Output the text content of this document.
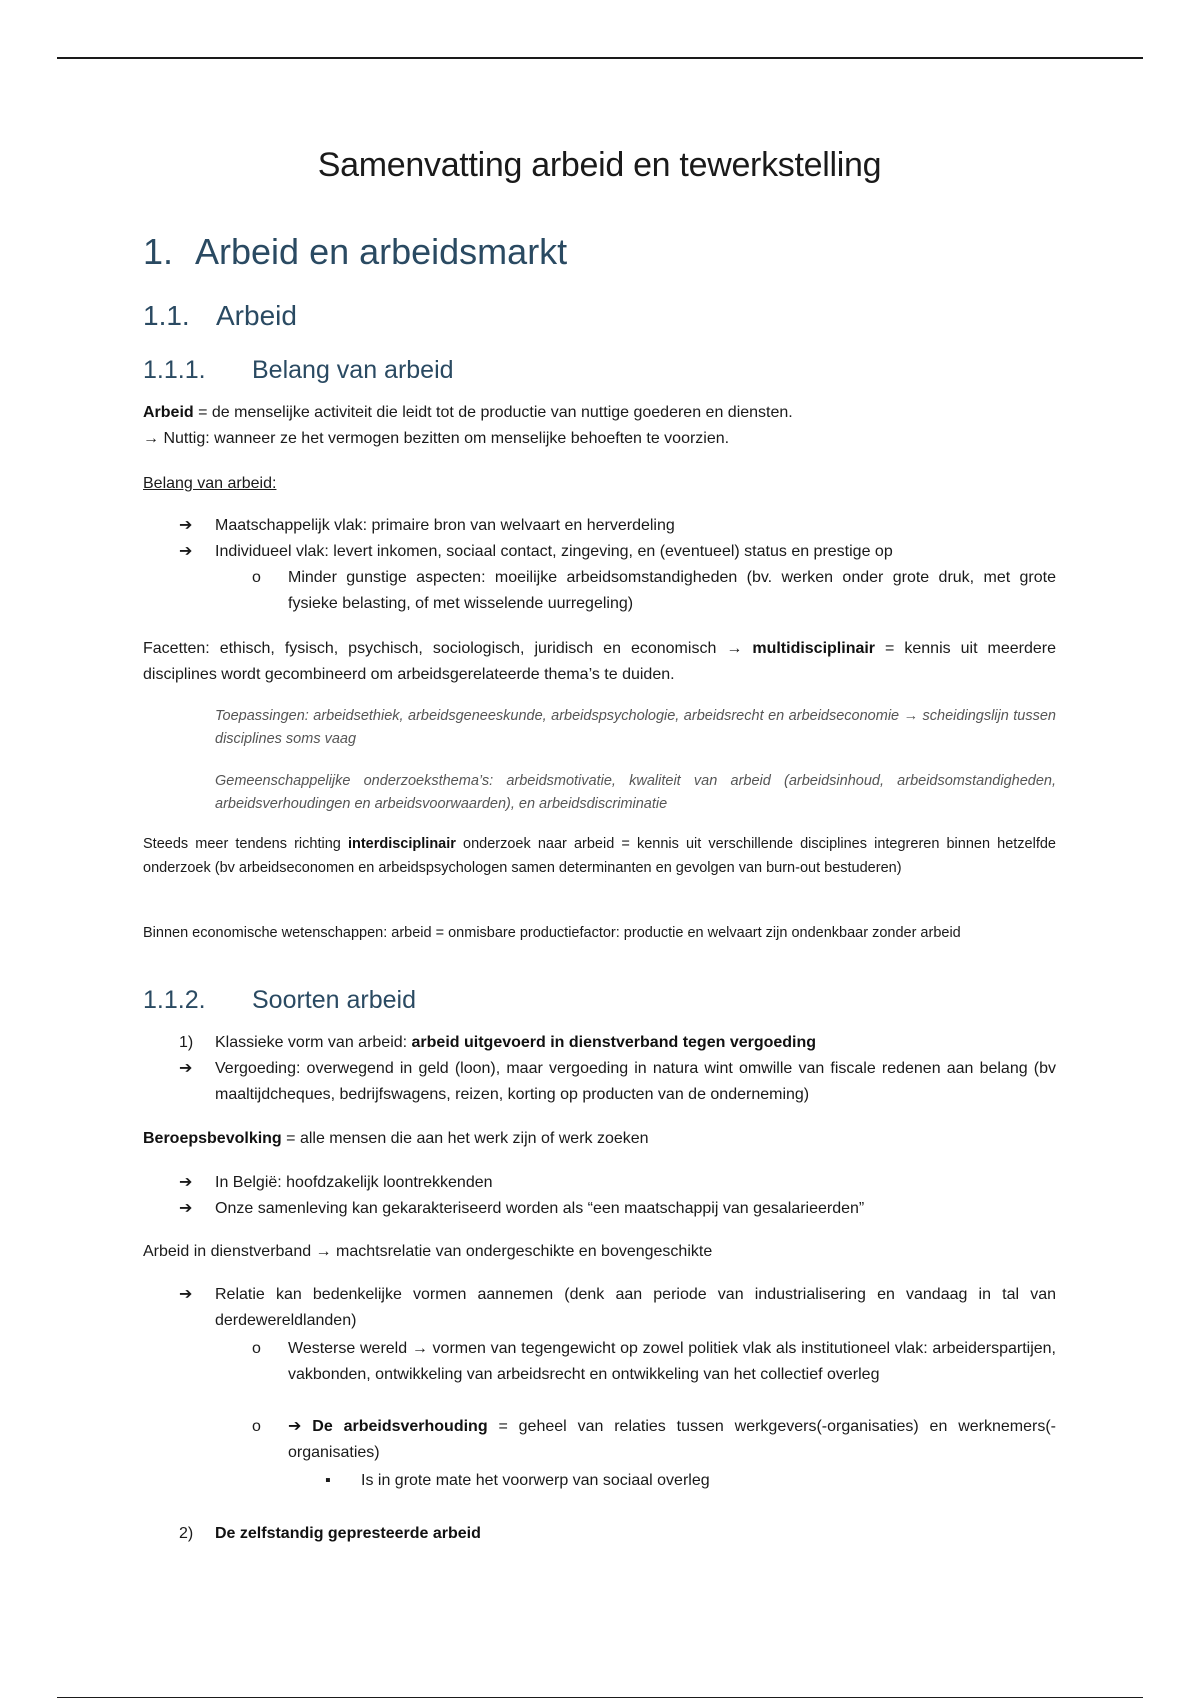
Samenvatting arbeid en tewerkstelling
1. Arbeid en arbeidsmarkt
1.1. Arbeid
1.1.1. Belang van arbeid

Arbeid = de menselijke activiteit die leidt tot de productie van nuttige goederen en diensten.
→ Nuttig: wanneer ze het vermogen bezitten om menselijke behoeften te voorzien.

Belang van arbeid:

➔	Maatschappelijk vlak: primaire bron van welvaart en herverdeling
➔	Individueel vlak: levert inkomen, sociaal contact, zingeving, en (eventueel) status en prestige op
o	Minder gunstige aspecten: moeilijke arbeidsomstandigheden (bv. werken onder grote druk, met grote fysieke belasting, of met wisselende uurregeling)

Facetten: ethisch, fysisch, psychisch, sociologisch, juridisch en economisch → multidisciplinair = kennis uit meerdere disciplines wordt gecombineerd om arbeidsgerelateerde thema’s te duiden.

Toepassingen: arbeidsethiek, arbeidsgeneeskunde, arbeidspsychologie, arbeidsrecht en arbeidseconomie → scheidingslijn tussen disciplines soms vaag

Gemeenschappelijke onderzoeksthema’s: arbeidsmotivatie, kwaliteit van arbeid (arbeidsinhoud, arbeidsomstandigheden, arbeidsverhoudingen en arbeidsvoorwaarden), en arbeidsdiscriminatie

Steeds meer tendens richting interdisciplinair onderzoek naar arbeid = kennis uit verschillende disciplines integreren binnen hetzelfde onderzoek (bv arbeidseconomen en arbeidspsychologen samen determinanten en gevolgen van burn-out bestuderen)

Binnen economische wetenschappen: arbeid = onmisbare productiefactor: productie en welvaart zijn ondenkbaar zonder arbeid

1.1.2. Soorten arbeid
1)	Klassieke vorm van arbeid: arbeid uitgevoerd in dienstverband tegen vergoeding
➔	Vergoeding: overwegend in geld (loon), maar vergoeding in natura wint omwille van fiscale redenen aan belang (bv maaltijdcheques, bedrijfswagens, reizen, korting op producten van de onderneming)

Beroepsbevolking = alle mensen die aan het werk zijn of werk zoeken

➔	In België: hoofdzakelijk loontrekkenden
➔	Onze samenleving kan gekarakteriseerd worden als “een maatschappij van gesalarieerden”

Arbeid in dienstverband → machtsrelatie van ondergeschikte en bovengeschikte

➔	Relatie kan bedenkelijke vormen aannemen (denk aan periode van industrialisering en vandaag in tal van derdewereldlanden)
o	Westerse wereld → vormen van tegengewicht op zowel politiek vlak als institutioneel vlak: arbeiderspartijen, vakbonden, ontwikkeling van arbeidsrecht en ontwikkeling van het collectief overleg
o	➔ De arbeidsverhouding = geheel van relaties tussen werkgevers(-organisaties) en werknemers(-organisaties)
▪	Is in grote mate het voorwerp van sociaal overleg
2)	De zelfstandig gepresteerde arbeid
